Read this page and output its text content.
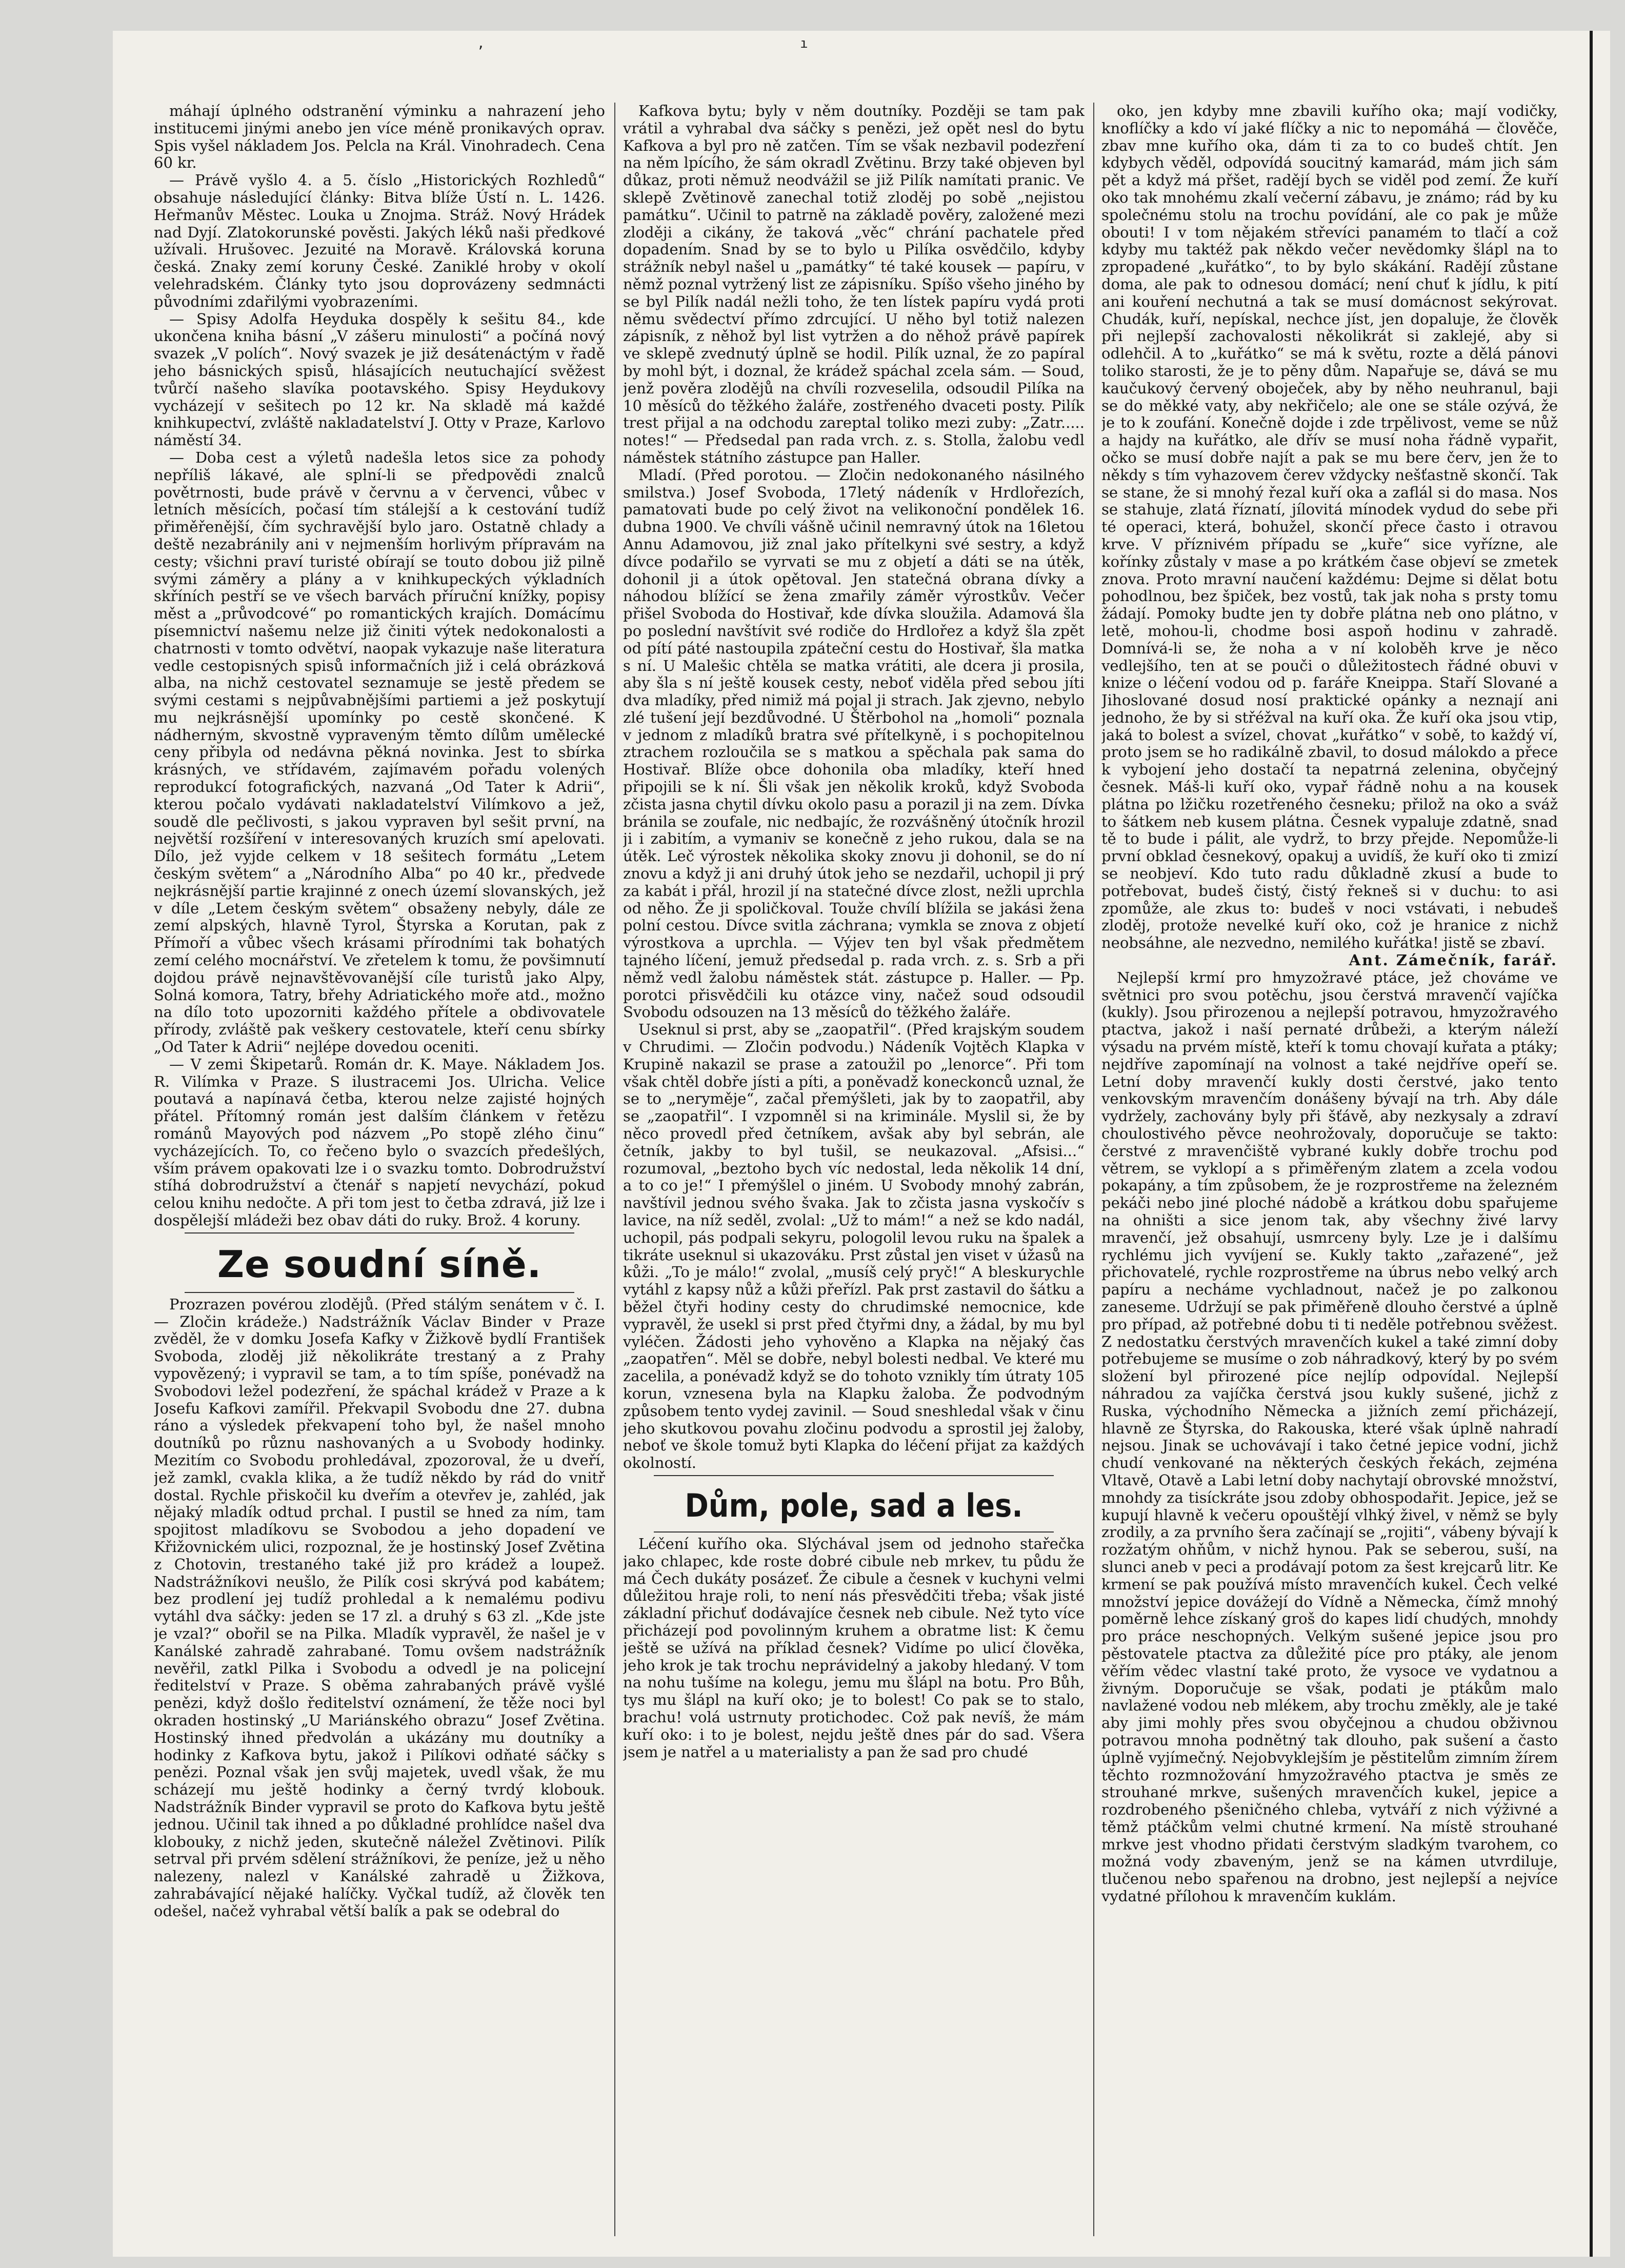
‚	ı

máhají úplného odstranění výminku a nahrazení jeho institucemi jinými anebo jen více méně pronikavých oprav. Spis vyšel nákladem Jos. Pelcla na Král. Vinohradech. Cena 60 kr.

— Právě vyšlo 4. a 5. číslo „Historických Rozhledů“ obsahuje následující články: Bitva blíže Ústí n. L. 1426. Heřmanův Městec. Louka u Znojma. Stráž. Nový Hrádek nad Dyjí. Zlatokorunské pověsti. Jakých léků naši předkové užívali. Hrušovec. Jezuité na Moravě. Královská koruna česká. Znaky zemí koruny České. Zaniklé hroby v okolí velehradském. Články tyto jsou doprovázeny sedmnácti původními zdařilými vyobrazeními.

— Spisy Adolfa Heyduka dospěly k sešitu 84., kde ukončena kniha básní „V zášeru minulosti“ a počíná nový svazek „V polích“. Nový svazek je již desátenáctým v řadě jeho básnických spisů, hlásajících neutuchající svěžest tvůrčí našeho slavíka pootavského. Spisy Heydukovy vycházejí v sešitech po 12 kr. Na skladě má každé knihkupectví, zvláště nakladatelství J. Otty v Praze, Karlovo náměstí 34.

— Doba cest a výletů nadešla letos sice za pohody nepříliš lákavé, ale splní-li se předpovědi znalců povětrnosti, bude právě v červnu a v červenci, vůbec v letních měsících, počasí tím stálejší a k cestování tudíž přiměřenější, čím sychravější bylo jaro. Ostatně chlady a deště nezabránily ani v nejmenším horlivým přípravám na cesty; všichni praví turisté obírají se touto dobou již pilně svými záměry a plány a v knihkupeckých výkladních skříních pestří se ve všech barvách příruční knížky, popisy měst a „průvodcové“ po romantických krajích. Domácímu písemnictví našemu nelze již činiti výtek nedokonalosti a chatrnosti v tomto odvětví, naopak vykazuje naše literatura vedle cestopisných spisů informačních již i celá obrázková alba, na nichž cestovatel seznamuje se jestě předem se svými cestami s nejpůvabnějšími partiemi a jež poskytují mu nejkrásnější upomínky po cestě skončené. K nádherným, skvostně vypraveným těmto dílům umělecké ceny přibyla od nedávna pěkná novinka. Jest to sbírka krásných, ve střídavém, zajímavém pořadu volených reprodukcí fotografických, nazvaná „Od Tater k Adrii“, kterou počalo vydávati nakladatelství Vilímkovo a jež, soudě dle pečlivosti, s jakou vypraven byl sešit první, na největší rozšíření v interesovaných kruzích smí apelovati. Dílo, jež vyjde celkem v 18 sešitech formátu „Letem českým světem“ a „Národního Alba“ po 40 kr., předvede nejkrásnější partie krajinné z onech území slovanských, jež v díle „Letem českým světem“ obsaženy nebyly, dále ze zemí alpských, hlavně Tyrol, Štyrska a Korutan, pak z Přímoří a vůbec všech krásami přírodními tak bohatých zemí celého mocnářství. Ve zřetelem k tomu, že povšimnutí dojdou právě nejnavštěvovanější cíle turistů jako Alpy, Solná komora, Tatry, břehy Adriatického moře atd., možno na dílo toto upozorniti každého přítele a obdivovatele přírody, zvláště pak veškery cestovatele, kteří cenu sbírky „Od Tater k Adrii“ nejlépe dovedou oceniti.

— V zemi Škipetarů. Román dr. K. Maye. Nákladem Jos. R. Vilímka v Praze. S ilustracemi Jos. Ulricha. Velice poutavá a napínavá četba, kterou nelze zajisté hojných přátel. Přítomný román jest dalším článkem v řetězu románů Mayových pod názvem „Po stopě zlého činu“ vycházejících. To, co řečeno bylo o svazcích předešlých, vším právem opakovati lze i o svazku tomto. Dobrodružství stíhá dobrodružství a čtenář s napjetí nevychází, pokud celou knihu nedočte. A při tom jest to četba zdravá, již lze i dospělejší mládeži bez obav dáti do ruky. Brož. 4 koruny.

Ze soudní síně.

Prozrazen povérou zlodějů. (Před stálým senátem v č. I. — Zločin krádeže.) Nadstrážník Václav Binder v Praze zvěděl, že v domku Josefa Kafky v Žižkově bydlí František Svoboda, zloděj již několikráte trestaný a z Prahy vypovězený; i vypravil se tam, a to tím spíše, ponévadž na Svobodovi ležel podezření, že spáchal krádež v Praze a k Josefu Kafkovi zamířil. Překvapil Svobodu dne 27. dubna ráno a výsledek překvapení toho byl, že našel mnoho doutníků po různu nashovaných a u Svobody hodinky. Mezitím co Svobodu prohledával, zpozoroval, že u dveří, jež zamkl, cvakla klika, a že tudíž někdo by rád do vnitř dostal. Rychle přiskočil ku dveřím a otevřev je, zahléd, jak nějaký mladík odtud prchal. I pustil se hned za ním, tam spojitost mladíkovu se Svobodou a jeho dopadení ve Křižovnickém ulici, rozpoznal, že je hostinský Josef Zvětina z Chotovin, trestaného také již pro krádež a loupež. Nadstrážníkovi neušlo, že Pilík cosi skrývá pod kabátem; bez prodlení jej tudíž prohledal a k nemalému podivu vytáhl dva sáčky: jeden se 17 zl. a druhý s 63 zl. „Kde jste je vzal?“ obořil se na Pilka. Mladík vypravěl, že našel je v Kanálské zahradě zahrabané. Tomu ovšem nadstrážník nevěřil, zatkl Pilka i Svobodu a odvedl je na policejní ředitelství v Praze. S oběma zahrabaných právě vyšlé penězi, když došlo ředitelství oznámení, že těže noci byl okraden hostinský „U Mariánského obrazu“ Josef Zvětina. Hostinský ihned předvolán a ukázány mu doutníky a hodinky z Kafkova bytu, jakož i Pilíkovi odňaté sáčky s penězi. Poznal však jen svůj majetek, uvedl však, že mu scházejí mu ještě hodinky a černý tvrdý klobouk. Nadstrážník Binder vypravil se proto do Kafkova bytu ještě jednou. Učinil tak ihned a po důkladné prohlídce našel dva klobouky, z nichž jeden, skutečně náležel Zvětinovi. Pilík setrval při prvém sdělení strážníkovi, že peníze, jež u něho nalezeny, nalezl v Kanálské zahradě u Žižkova, zahrabávající nějaké halíčky. Vyčkal tudíž, až člověk ten odešel, načež vyhrabal větší balík a pak se odebral do

Kafkova bytu; byly v něm doutníky. Později se tam pak vrátil a vyhrabal dva sáčky s penězi, jež opět nesl do bytu Kafkova a byl pro ně zatčen. Tím se však nezbavil podezření na něm lpícího, že sám okradl Zvětinu. Brzy také objeven byl důkaz, proti němuž neodvážil se již Pilík namítati pranic. Ve sklepě Zvětinově zanechal totiž zloděj po sobě „nejistou památku“. Učinil to patrně na základě pověry, založené mezi zloději a cikány, že taková „věc“ chrání pachatele před dopadením. Snad by se to bylo u Pilíka osvědčilo, kdyby strážník nebyl našel u „památky“ té také kousek — papíru, v němž poznal vytržený list ze zápisníku. Spíšo všeho jiného by se byl Pilík nadál nežli toho, že ten lístek papíru vydá proti němu svědectví přímo zdrcující. U něho byl totiž nalezen zápisník, z něhož byl list vytržen a do něhož právě papírek ve sklepě zvednutý úplně se hodil. Pilík uznal, že zo papíral by mohl být, i doznal, že krádež spáchal zcela sám. — Soud, jenž pověra zlodějů na chvíli rozveselila, odsoudil Pilíka na 10 měsíců do těžkého žaláře, zostřeného dvaceti posty. Pilík trest přijal a na odchodu zareptal toliko mezi zuby: „Zatr..... notes!“ — Předsedal pan rada vrch. z. s. Stolla, žalobu vedl náměstek státního zástupce pan Haller.

Mladí. (Před porotou. — Zločin nedokonaného násilného smilstva.) Josef Svoboda, 17letý nádeník v Hrdlořezích, pamatovati bude po celý život na velikonoční pondělek 16. dubna 1900. Ve chvíli vášně učinil nemravný útok na 16letou Annu Adamovou, již znal jako přítelkyni své sestry, a když dívce podařilo se vyrvati se mu z objetí a dáti se na útěk, dohonil ji a útok opětoval. Jen statečná obrana dívky a náhodou blížící se žena zmařily záměr výrostkův. Večer přišel Svoboda do Hostivař, kde dívka sloužila. Adamová šla po poslední navštívit své rodiče do Hrdlořez a když šla zpět od pítí páté nastoupila zpáteční cestu do Hostivař, šla matka s ní. U Malešic chtěla se matka vrátiti, ale dcera ji prosila, aby šla s ní ještě kousek cesty, neboť viděla před sebou jíti dva mladíky, před nimiž má pojal ji strach. Jak zjevno, nebylo zlé tušení její bezdůvodné. U Štěrbohol na „homoli“ poznala v jednom z mladíků bratra své přítelkyně, i s pochopitelnou ztrachem rozloučila se s matkou a spěchala pak sama do Hostivař. Blíže obce dohonila oba mladíky, kteří hned připojili se k ní. Šli však jen několik kroků, když Svoboda zčista jasna chytil dívku okolo pasu a porazil ji na zem. Dívka bránila se zoufale, nic nedbajíc, že rozvášněný útočník hrozil ji i zabitím, a vymaniv se konečně z jeho rukou, dala se na útěk. Leč výrostek několika skoky znovu ji dohonil, se do ní znovu a když ji ani druhý útok jeho se nezdařil, uchopil ji prý za kabát i přál, hrozil jí na statečné dívce zlost, nežli uprchla od něho. Že ji spoličkoval. Touže chvílí blížila se jakási žena polní cestou. Dívce svitla záchrana; vymkla se znova z objetí výrostkova a uprchla. — Výjev ten byl však předmětem tajného líčení, jemuž předsedal p. rada vrch. z. s. Srb a při němž vedl žalobu náměstek stát. zástupce p. Haller. — Pp. porotci přisvědčili ku otázce viny, načež soud odsoudil Svobodu odsouzen na 13 měsíců do těžkého žaláře.

Useknul si prst, aby se „zaopatřil“. (Před krajským soudem v Chrudimi. — Zločin podvodu.) Nádeník Vojtěch Klapka v Krupině nakazil se prase a zatoužil po „lenorce“. Při tom však chtěl dobře jísti a píti, a poněvadž koneckonců uznal, že se to „neryměje“, začal přemýšleti, jak by to zaopatřil, aby se „zaopatřil“. I vzpomněl si na kriminále. Myslil si, že by něco provedl před četníkem, avšak aby byl sebrán, ale četník, jakby to byl tušil, se neukazoval. „Afsisi...“ rozumoval, „beztoho bych víc nedostal, leda několik 14 dní, a to co je!“ I přemýšlel o jiném. U Svobody mnohý zabrán, navštívil jednou svého švaka. Jak to zčista jasna vyskočív s lavice, na níž seděl, zvolal: „Už to mám!“ a než se kdo nadál, uchopil, pás podpali sekyru, pologolil levou ruku na špalek a tikráte useknul si ukazováku. Prst zůstal jen viset v úžasů na kůži. „To je málo!“ zvolal, „musíš celý pryč!“ A bleskurychle vytáhl z kapsy nůž a kůži přeřízl. Pak prst zastavil do šátku a běžel čtyři hodiny cesty do chrudimské nemocnice, kde vypravěl, že usekl si prst před čtyřmi dny, a žádal, by mu byl vyléčen. Žádosti jeho vyhověno a Klapka na nějaký čas „zaopatřen“. Měl se dobře, nebyl bolesti nedbal. Ve které mu zacelila, a ponévadž když se do tohoto vznikly tím útraty 105 korun, vznesena byla na Klapku žaloba. Že podvodným způsobem tento vydej zavinil. — Soud sneshledal však v činu jeho skutkovou povahu zločinu podvodu a sprostil jej žaloby, neboť ve škole tomuž byti Klapka do léčení přijat za každých okolností.

Dům, pole, sad a les.

Léčení kuřího oka. Slýchával jsem od jednoho stařečka jako chlapec, kde roste dobré cibule neb mrkev, tu půdu že má Čech dukáty posázeť. Že cibule a česnek v kuchyni velmi důležitou hraje roli, to není nás přesvědčiti třeba; však jisté základní přichuť dodávajíce česnek neb cibule. Než tyto více přicházejí pod povolinným kruhem a obratme list: K čemu ještě se užívá na příklad česnek? Vidíme po ulicí člověka, jeho krok je tak trochu neprávidelný a jakoby hledaný. V tom na nohu tušíme na kolegu, jemu mu šlápl na botu. Pro Bůh, tys mu šlápl na kuří oko; je to bolest! Co pak se to stalo, brachu! volá ustrnuty protichodec. Což pak nevíš, že mám kuří oko: i to je bolest, nejdu ještě dnes pár do sad. Všera jsem je natřel a u materialisty a pan že sad pro chudé

oko, jen kdyby mne zbavili kuřího oka; mají vodičky, knoflíčky a kdo ví jaké flíčky a nic to nepomáhá — člověče, zbav mne kuřího oka, dám ti za to co budeš chtít. Jen kdybych věděl, odpovídá soucitný kamarád, mám jich sám pět a když má přšet, radějí bych se viděl pod zemí. Že kuří oko tak mnohému zkalí večerní zábavu, je známo; rád by ku společnému stolu na trochu povídání, ale co pak je může obouti! I v tom nějakém střevíci panamém to tlačí a což kdyby mu taktéž pak někdo večer nevědomky šlápl na to zpropadené „kuřátko“, to by bylo skákání. Radějí zůstane doma, ale pak to odnesou domácí; není chuť k jídlu, k pití ani kouření nechutná a tak se musí domácnost sekýrovat. Chudák, kuří, nepískal, nechce jíst, jen dopaluje, že člověk při nejlepší zachovalosti několikrát si zaklejé, aby si odlehčil. A to „kuřátko“ se má k světu, rozte a dělá pánovi toliko starosti, že je to pěny dům. Napařuje se, dává se mu kaučukový červený oboječek, aby by něho neuhranul, baji se do měkké vaty, aby nekřičelo; ale one se stále ozývá, že je to k zoufání. Konečně dojde i zde trpělivost, veme se nůž a hajdy na kuřátko, ale dřív se musí noha řádně vypařit, očko se musí dobře najít a pak se mu bere červ, jen že to někdy s tím vyhazovem čerev vždycky nešťastně skončí. Tak se stane, že si mnohý řezal kuří oka a zaflál si do masa. Nos se stahuje, zlatá říznatí, jílovitá mínodek vydud do sebe při té operaci, která, bohužel, skončí přece často i otravou krve. V příznivém případu se „kuře“ sice vyřízne, ale kořínky zůstaly v mase a po krátkém čase objeví se zmetek znova. Proto mravní naučení každému: Dejme si dělat botu pohodlnou, bez špiček, bez vostů, tak jak noha s prsty tomu žádají. Pomoky budte jen ty dobře plátna neb ono plátno, v letě, mohou-li, chodme bosi aspoň hodinu v zahradě. Domnívá-li se, že noha a v ní koloběh krve je něco vedlejšího, ten at se pouči o důležitostech řádné obuvi v knize o léčení vodou od p. faráře Kneippa. Staří Slované a Jihoslované dosud nosí praktické opánky a neznají ani jednoho, že by si střéžval na kuří oka. Že kuří oka jsou vtip, jaká to bolest a svízel, chovat „kuřátko“ v sobě, to každý ví, proto jsem se ho radikálně zbavil, to dosud málokdo a přece k vybojení jeho dostačí ta nepatrná zelenina, obyčejný česnek. Máš-li kuří oko, vypař řádně nohu a na kousek plátna po lžičku rozetřeného česneku; přilož na oko a sváž to šátkem neb kusem plátna. Česnek vypaluje zdatně, snad tě to bude i pálit, ale vydrž, to brzy přejde. Nepomůže-li první obklad česnekový, opakuj a uvidíš, že kuří oko ti zmizí se neobjeví. Kdo tuto radu důkladně zkusí a bude to potřebovat, budeš čistý, čistý řekneš si v duchu: to asi zpomůže, ale zkus to: budeš v noci vstávati, i nebudeš zloděj, protože nevelké kuří oko, což je hranice z nichž neobsáhne, ale nezvedno, nemilého kuřátka! jistě se zbaví.

Ant. Zámečník, farář.

Nejlepší krmí pro hmyzožravé ptáce, jež chováme ve světnici pro svou potěchu, jsou čerstvá mravenčí vajíčka (kukly). Jsou přirozenou a nejlepší potravou, hmyzožravého ptactva, jakož i naší pernaté drůbeži, a kterým náleží výsadu na prvém místě, kteří k tomu chovají kuřata a ptáky; nejdříve zapomínají na volnost a také nejdříve opeří se. Letní doby mravenčí kukly dosti čerstvé, jako tento venkovským mravenčím donášeny bývají na trh. Aby dále vydržely, zachovány byly při šťávě, aby nezkysaly a zdraví choulostivého pěvce neohrožovaly, doporučuje se takto: čerstvé z mravenčiště vybrané kukly dobře trochu pod větrem, se vyklopí a s přiměřeným zlatem a zcela vodou pokapány, a tím způsobem, že je rozprostřeme na železném pekáči nebo jiné ploché nádobě a krátkou dobu spařujeme na ohništi a sice jenom tak, aby všechny živé larvy mravenčí, jež obsahují, usmrceny byly. Lze je i dalšímu rychlému jich vyvíjení se. Kukly takto „zařazené“, jež přichovatelé, rychle rozprostřeme na úbrus nebo velký arch papíru a necháme vychladnout, načež je po zalkonou zaneseme. Udržují se pak přiměřeně dlouho čerstvé a úplně pro případ, až potřebné dobu ti ti neděle potřebnou svěžest. Z nedostatku čerstvých mravenčích kukel a také zimní doby potřebujeme se musíme o zob náhradkový, který by po svém složení byl přirozené píce nejlíp odpovídal. Nejlepší náhradou za vajíčka čerstvá jsou kukly sušené, jichž z Ruska, východního Německa a jižních zemí přicházejí, hlavně ze Štyrska, do Rakouska, které však úplně nahradí nejsou. Jinak se uchovávají i tako četné jepice vodní, jichž chudí venkované na některých českých řekách, zejména Vltavě, Otavě a Labi letní doby nachytají obrovské množství, mnohdy za tisíckráte jsou zdoby obhospodařit. Jepice, jež se kupují hlavně k večeru opouštějí vlhký živel, v němž se byly zrodily, a za prvního šera začínají se „rojiti“, vábeny bývají k rozžatým ohňům, v nichž hynou. Pak se seberou, suší, na slunci aneb v peci a prodávají potom za šest krejcarů litr. Ke krmení se pak používá místo mravenčích kukel. Čech velké množství jepice dovážejí do Vídně a Německa, čímž mnohý poměrně lehce získaný groš do kapes lidí chudých, mnohdy pro práce neschopných. Velkým sušené jepice jsou pro pěstovatele ptactva za důležité píce pro ptáky, ale jenom věřím vědec vlastní také proto, že vysoce ve vydatnou a živným. Doporučuje se však, podati je ptákům malo navlažené vodou neb mlékem, aby trochu změkly, ale je také aby jimi mohly přes svou obyčejnou a chudou obživnou potravou mnoha podnětný tak dlouho, pak sušení a často úplně vyjímečný. Nejobvyklejším je pěstitelům zimním žírem těchto rozmnožování hmyzožravého ptactva je směs ze strouhané mrkve, sušených mravenčích kukel, jepice a rozdrobeného pšeničného chleba, vytváří z nich výživné a těmž ptáčkům velmi chutné krmení. Na místě strouhané mrkve jest vhodno přidati čerstvým sladkým tvarohem, co možná vody zbaveným, jenž se na kámen utvrdiluje, tlučenou nebo spařenou na drobno, jest nejlepší a nejvíce vydatné přílohou k mravenčím kuklám.
